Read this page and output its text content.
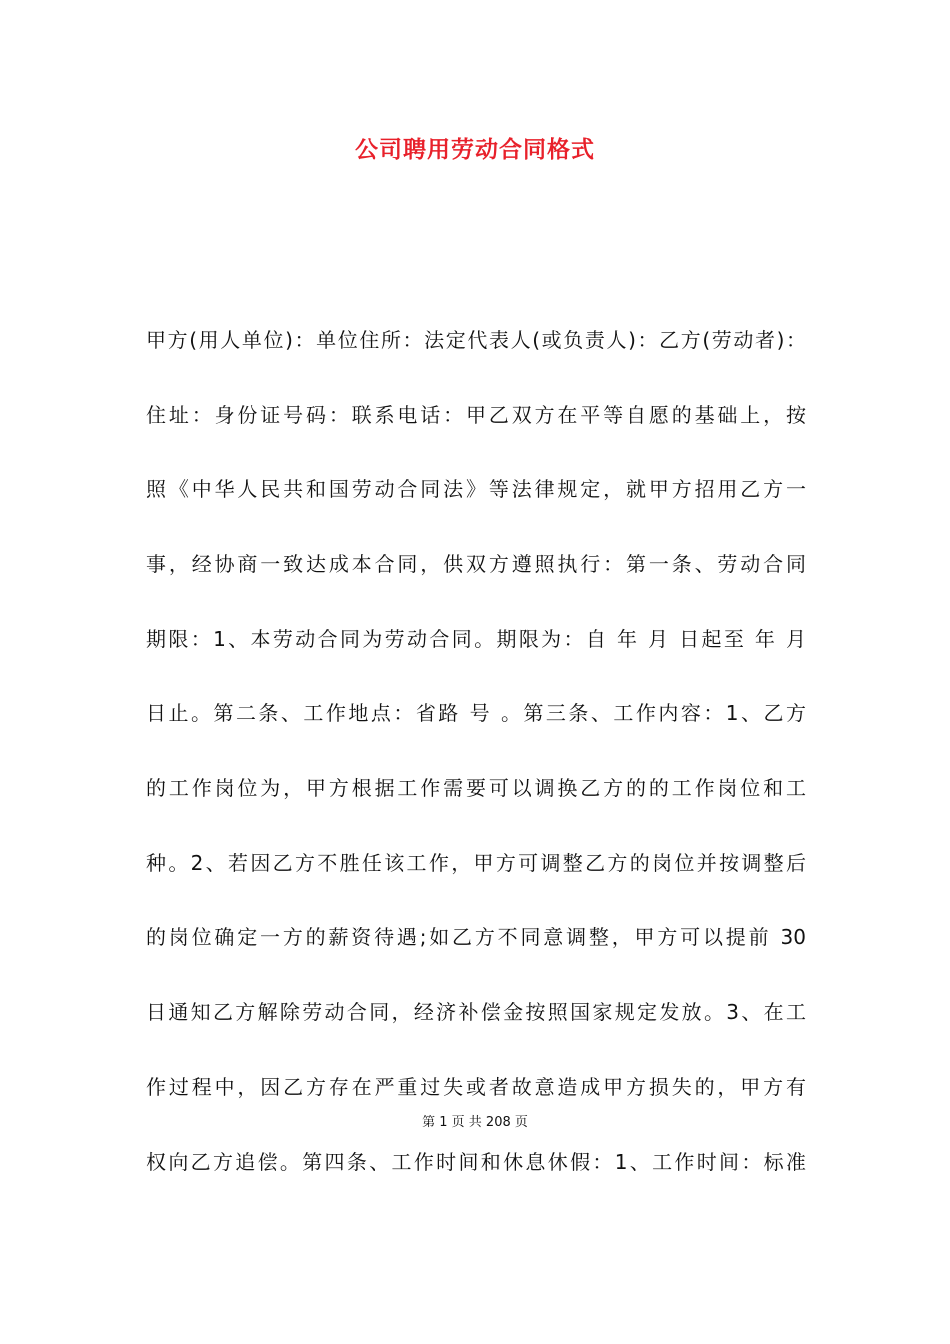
公司聘用劳动合同格式
甲方(用人单位)：单位住所：法定代表人(或负责人)：乙方(劳动者)：
住址：身份证号码：联系电话：甲乙双方在平等自愿的基础上，按
照《中华人民共和国劳动合同法》等法律规定，就甲方招用乙方一
事，经协商一致达成本合同，供双方遵照执行：第一条、劳动合同
期限：1、本劳动合同为劳动合同。期限为：自 年 月 日起至 年 月
日止。第二条、工作地点：省路 号 。第三条、工作内容：1、乙方
的工作岗位为，甲方根据工作需要可以调换乙方的的工作岗位和工
种。2、若因乙方不胜任该工作，甲方可调整乙方的岗位并按调整后
的岗位确定一方的薪资待遇;如乙方不同意调整，甲方可以提前 30
日通知乙方解除劳动合同，经济补偿金按照国家规定发放。3、在工
作过程中，因乙方存在严重过失或者故意造成甲方损失的，甲方有
第 1 页 共 208 页
权向乙方追偿。第四条、工作时间和休息休假：1、工作时间：标准
